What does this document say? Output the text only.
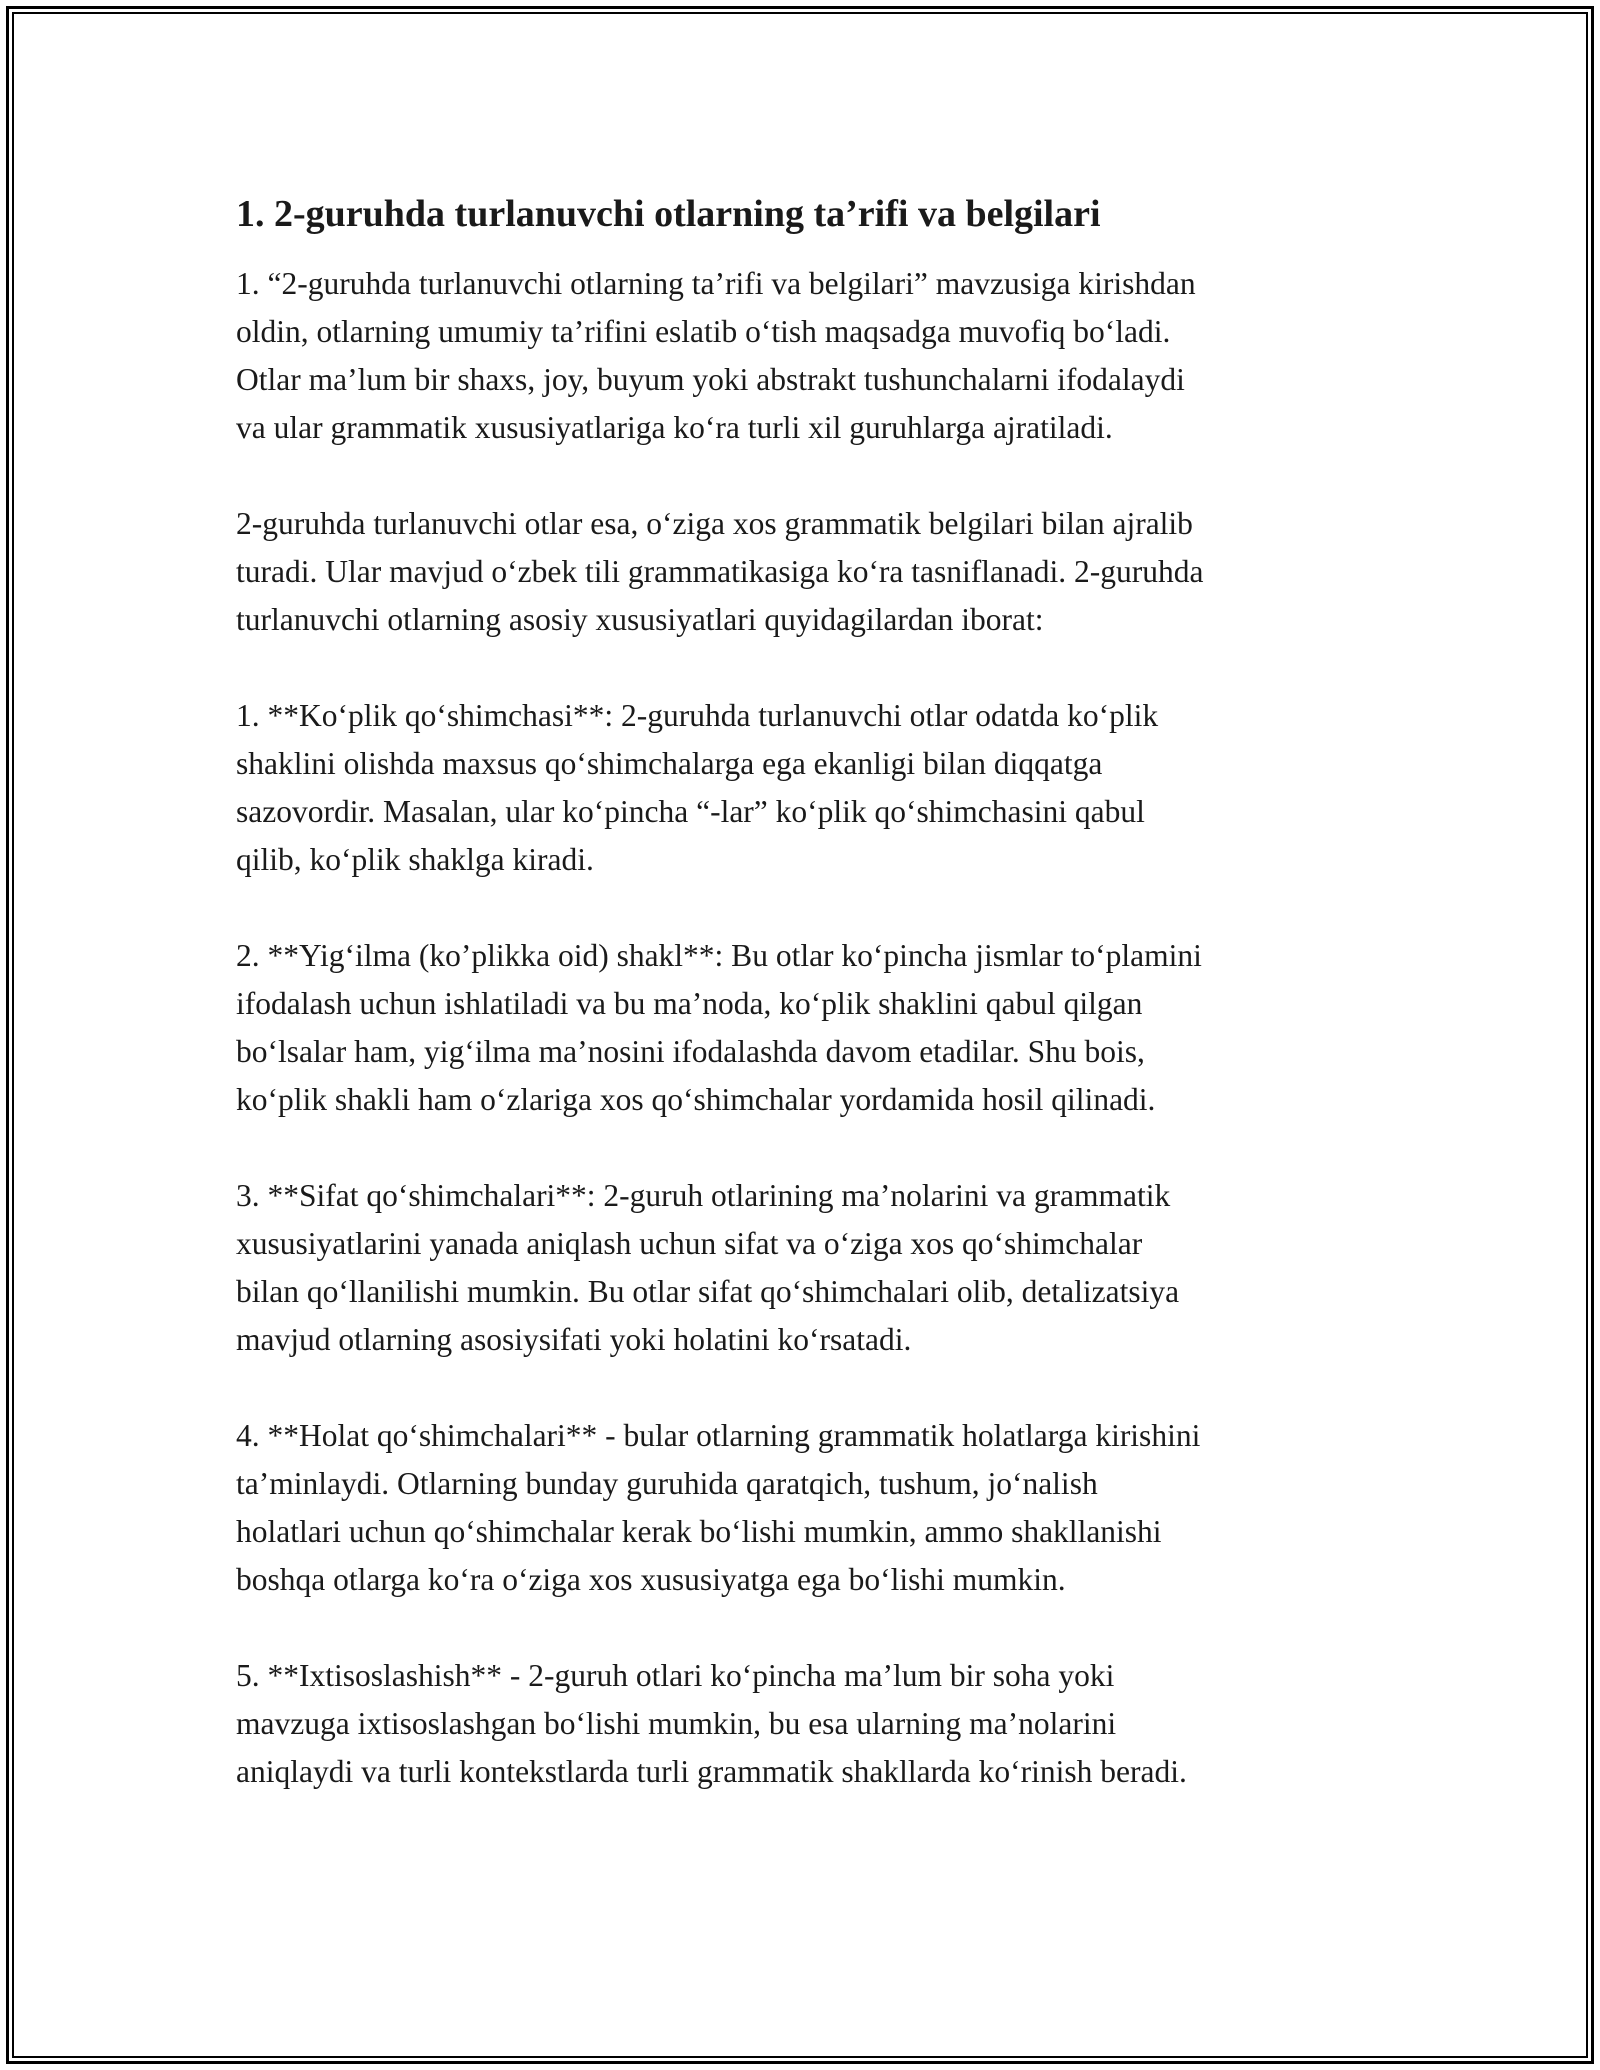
1. 2-guruhda turlanuvchi otlarning ta’rifi va belgilari

1. “2-guruhda turlanuvchi otlarning ta’rifi va belgilari” mavzusiga kirishdan
oldin, otlarning umumiy ta’rifini eslatib o‘tish maqsadga muvofiq bo‘ladi.
Otlar ma’lum bir shaxs, joy, buyum yoki abstrakt tushunchalarni ifodalaydi
va ular grammatik xususiyatlariga ko‘ra turli xil guruhlarga ajratiladi.

2-guruhda turlanuvchi otlar esa, o‘ziga xos grammatik belgilari bilan ajralib
turadi. Ular mavjud o‘zbek tili grammatikasiga ko‘ra tasniflanadi. 2-guruhda
turlanuvchi otlarning asosiy xususiyatlari quyidagilardan iborat:

1. **Ko‘plik qo‘shimchasi**: 2-guruhda turlanuvchi otlar odatda ko‘plik
shaklini olishda maxsus qo‘shimchalarga ega ekanligi bilan diqqatga
sazovordir. Masalan, ular ko‘pincha “-lar” ko‘plik qo‘shimchasini qabul
qilib, ko‘plik shaklga kiradi.

2. **Yig‘ilma (ko’plikka oid) shakl**: Bu otlar ko‘pincha jismlar to‘plamini
ifodalash uchun ishlatiladi va bu ma’noda, ko‘plik shaklini qabul qilgan
bo‘lsalar ham, yig‘ilma ma’nosini ifodalashda davom etadilar. Shu bois,
ko‘plik shakli ham o‘zlariga xos qo‘shimchalar yordamida hosil qilinadi.

3. **Sifat qo‘shimchalari**: 2-guruh otlarining ma’nolarini va grammatik
xususiyatlarini yanada aniqlash uchun sifat va o‘ziga xos qo‘shimchalar
bilan qo‘llanilishi mumkin. Bu otlar sifat qo‘shimchalari olib, detalizatsiya
mavjud otlarning asosiysifati yoki holatini ko‘rsatadi.

4. **Holat qo‘shimchalari** - bular otlarning grammatik holatlarga kirishini
ta’minlaydi. Otlarning bunday guruhida qaratqich, tushum, jo‘nalish
holatlari uchun qo‘shimchalar kerak bo‘lishi mumkin, ammo shakllanishi
boshqa otlarga ko‘ra o‘ziga xos xususiyatga ega bo‘lishi mumkin.

5. **Ixtisoslashish** - 2-guruh otlari ko‘pincha ma’lum bir soha yoki
mavzuga ixtisoslashgan bo‘lishi mumkin, bu esa ularning ma’nolarini
aniqlaydi va turli kontekstlarda turli grammatik shakllarda ko‘rinish beradi.
